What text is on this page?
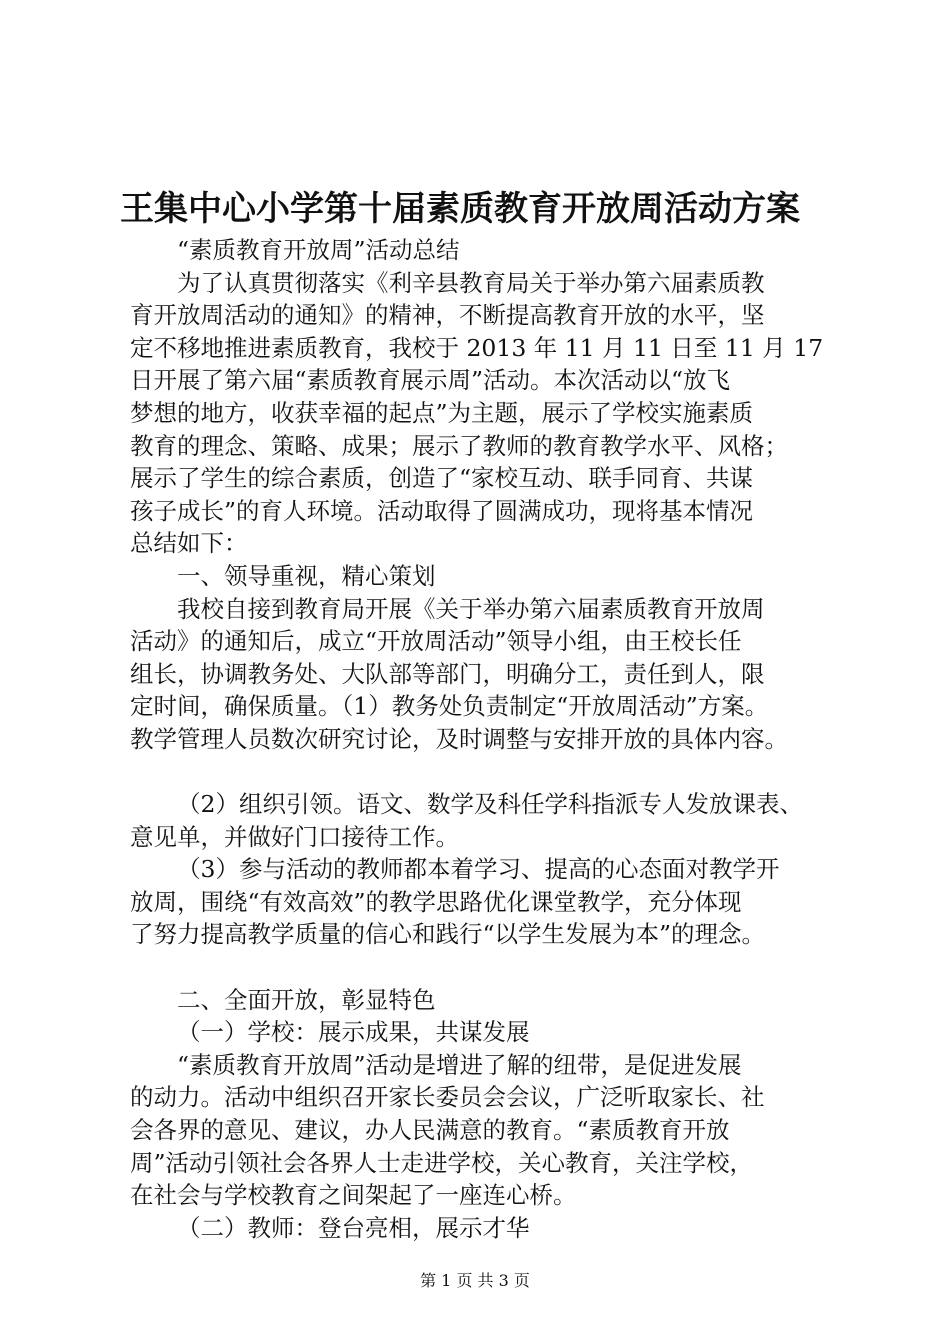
王集中心小学第十届素质教育开放周活动方案

“素质教育开放周”活动总结

为了认真贯彻落实《利辛县教育局关于举办第六届素质教

育开放周活动的通知》的精神，不断提高教育开放的水平，坚

定不移地推进素质教育，我校于 2013 年 11 月 11 日至 11 月 17

日开展了第六届“素质教育展示周”活动。本次活动以“放飞

梦想的地方，收获幸福的起点”为主题，展示了学校实施素质

教育的理念、策略、成果；展示了教师的教育教学水平、风格；

展示了学生的综合素质，创造了“家校互动、联手同育、共谋

孩子成长”的育人环境。活动取得了圆满成功，现将基本情况

总结如下：

一、领导重视，精心策划

我校自接到教育局开展《关于举办第六届素质教育开放周

活动》的通知后，成立“开放周活动”领导小组，由王校长任

组长，协调教务处、大队部等部门，明确分工，责任到人，限

定时间，确保质量。（1）教务处负责制定“开放周活动”方案。

教学管理人员数次研究讨论，及时调整与安排开放的具体内容。

（2）组织引领。语文、数学及科任学科指派专人发放课表、

意见单，并做好门口接待工作。

（3）参与活动的教师都本着学习、提高的心态面对教学开

放周，围绕“有效高效”的教学思路优化课堂教学，充分体现

了努力提高教学质量的信心和践行“以学生发展为本”的理念。

二、全面开放，彰显特色

（一）学校：展示成果，共谋发展

“素质教育开放周”活动是增进了解的纽带，是促进发展

的动力。活动中组织召开家长委员会会议，广泛听取家长、社

会各界的意见、建议，办人民满意的教育。“素质教育开放

周”活动引领社会各界人士走进学校，关心教育，关注学校，

在社会与学校教育之间架起了一座连心桥。

（二）教师：登台亮相，展示才华

第 1 页 共 3 页
